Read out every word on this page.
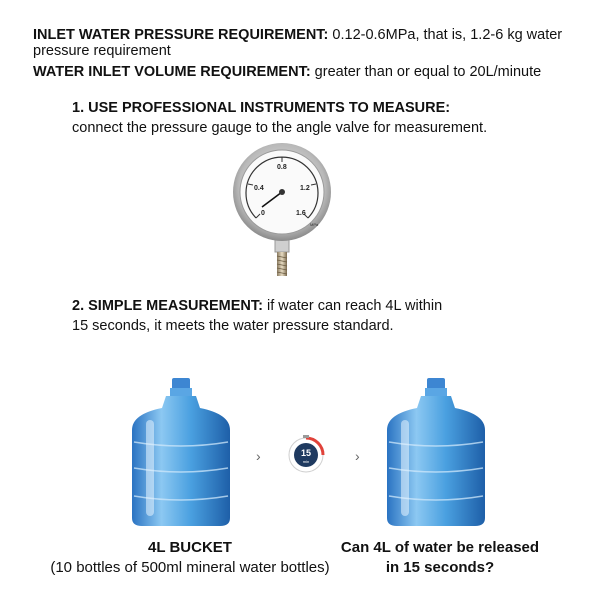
INLET WATER PRESSURE REQUIREMENT: 0.12-0.6MPa, that is, 1.2-6 kg water
pressure requirement
WATER INLET VOLUME REQUIREMENT: greater than or equal to 20L/minute
1. USE PROFESSIONAL INSTRUMENTS TO MEASURE:
connect the pressure gauge to the angle valve for measurement.
0.4
0.8
1.2
0	1.6
MPa
2. SIMPLE MEASUREMENT: if water can reach 4L within
15 seconds, it meets the water pressure standard.
›	15
min	›
4L BUCKET
(10 bottles of 500ml mineral water bottles)
Can 4L of water be released
in 15 seconds?
